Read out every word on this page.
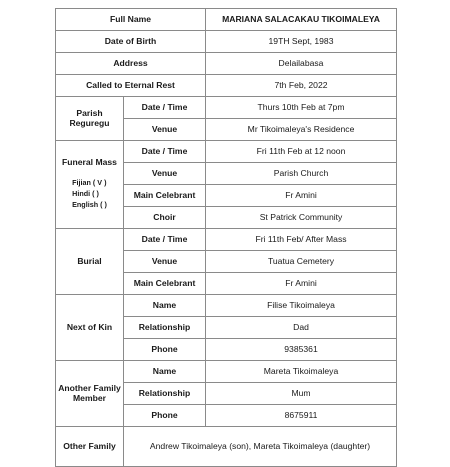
Full Name		MARIANA SALACAKAU TIKOIMALEYA
Date of Birth		19TH Sept, 1983
Address		Delailabasa
Called to Eternal Rest		7th Feb, 2022
Parish Reguregu	Date / Time	Thurs 10th Feb at 7pm
	Venue	Mr Tikoimaleya's Residence

Funeral Mass
Fijian ( V )
Hindi ( )
English ( )	Date / Time	Fri 11th Feb at 12 noon
	Venue	Parish Church
	Main Celebrant	Fr Amini
	Choir	St Patrick Community
Burial	Date / Time	Fri 11th Feb/ After Mass
	Venue	Tuatua Cemetery
	Main Celebrant	Fr Amini
Next of Kin	Name	Filise Tikoimaleya
	Relationship	Dad
	Phone	9385361
Another Family Member	Name	Mareta Tikoimaleya
	Relationship	Mum
	Phone	8675911
Other Family	Andrew Tikoimaleya (son), Mareta Tikoimaleya (daughter)	
